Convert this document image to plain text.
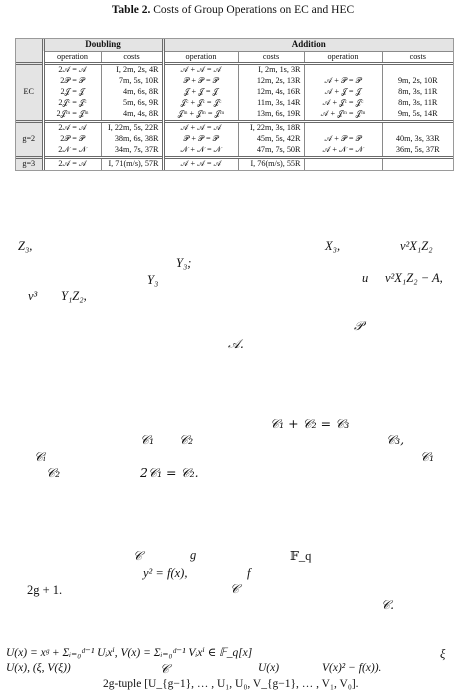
Table 2. Costs of Group Operations on EC and HEC
	Doubling		Addition			
	operation	costs	operation	costs	operation	costs
EC	2𝒜 = 𝒜	I, 2m, 2s, 4R	𝒜 + 𝒜 = 𝒜	I, 2m, 1s, 3R		
	2𝒫 = 𝒫	7m, 5s, 10R	𝒫 + 𝒫 = 𝒫	12m, 2s, 13R	𝒜 + 𝒫 = 𝒫	9m, 2s, 10R
	2𝒥 = 𝒥	4m, 6s, 8R	𝒥 + 𝒥 = 𝒥	12m, 4s, 16R	𝒜 + 𝒥 = 𝒥	8m, 3s, 11R
	2𝒥ᶜ = 𝒥ᶜ	5m, 6s, 9R	𝒥ᶜ + 𝒥ᶜ = 𝒥ᶜ	11m, 3s, 14R	𝒜 + 𝒥ᶜ = 𝒥ᶜ	8m, 3s, 11R
	2𝒥ᵐ = 𝒥ᵐ	4m, 4s, 8R	𝒥ᵐ + 𝒥ᵐ = 𝒥ᵐ	13m, 6s, 19R	𝒜 + 𝒥ᵐ = 𝒥ᵐ	9m, 5s, 14R
g=2	2𝒜 = 𝒜	I, 22m, 5s, 22R	𝒜 + 𝒜 = 𝒜	I, 22m, 3s, 18R		
	2𝒫 = 𝒫	38m, 6s, 38R	𝒫 + 𝒫 = 𝒫	45m, 5s, 42R	𝒜 + 𝒫 = 𝒫	40m, 3s, 33R
	2𝒩 = 𝒩	34m, 7s, 37R	𝒩 + 𝒩 = 𝒩	47m, 7s, 50R	𝒜 + 𝒩 = 𝒩	36m, 5s, 37R
g=3	2𝒜 = 𝒜	I, 71(m/s), 57R	𝒜 + 𝒜 = 𝒜	I, 76(m/s), 55R		
Z₃,	X₃,	v²X₁Z₂
Y₃;
Y₃	u v²X₁Z₂ − A,
v³ Y₁Z₂,
𝒫
𝒜.
𝒞₁ + 𝒞₂ = 𝒞₃
𝒞₃,
𝒞₁ 𝒞₂
𝒞ᵢ	𝒞₁
𝒞₂	2𝒞₁ = 𝒞₂.
𝒞	g	𝔽_q
y² = f(x),	f
𝒞
2g + 1.
𝒞.
U(x) = xᵍ + Σᵢ₌₀ᵈ⁻¹ Uᵢxⁱ, V(x) = Σᵢ₌₀ᵈ⁻¹ Vᵢxⁱ ∈ 𝔽_q[x]	ξ
U(x), (ξ, V(ξ))	𝒞	U(x)	V(x)² − f(x)).
2g-tuple [U_{g−1}, … , U₁, U₀, V_{g−1}, … , V₁, V₀].
